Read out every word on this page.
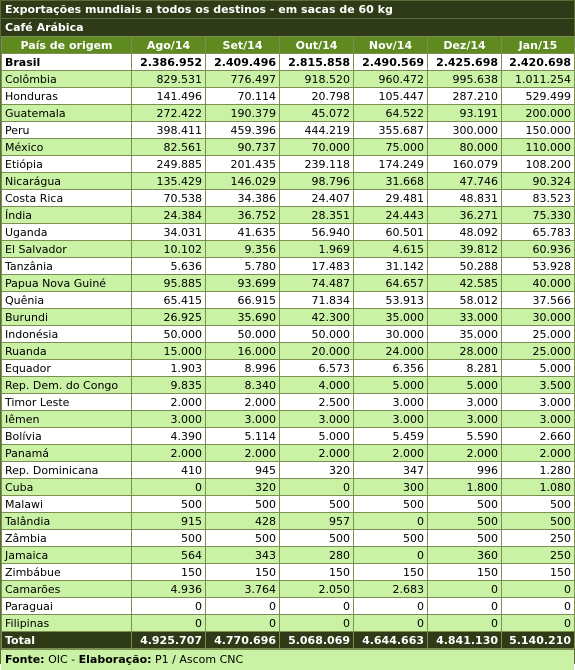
Exportações mundiais a todos os destinos - em sacas de 60 kg
Café Arábica
País de origem	Ago/14	Set/14	Out/14	Nov/14	Dez/14	Jan/15
Brasil	2.386.952	2.409.496	2.815.858	2.490.569	2.425.698	2.420.698
Colômbia	829.531	776.497	918.520	960.472	995.638	1.011.254
Honduras	141.496	70.114	20.798	105.447	287.210	529.499
Guatemala	272.422	190.379	45.072	64.522	93.191	200.000
Peru	398.411	459.396	444.219	355.687	300.000	150.000
México	82.561	90.737	70.000	75.000	80.000	110.000
Etiópia	249.885	201.435	239.118	174.249	160.079	108.200
Nicarágua	135.429	146.029	98.796	31.668	47.746	90.324
Costa Rica	70.538	34.386	24.407	29.481	48.831	83.523
Índia	24.384	36.752	28.351	24.443	36.271	75.330
Uganda	34.031	41.635	56.940	60.501	48.092	65.783
El Salvador	10.102	9.356	1.969	4.615	39.812	60.936
Tanzânia	5.636	5.780	17.483	31.142	50.288	53.928
Papua Nova Guiné	95.885	93.699	74.487	64.657	42.585	40.000
Quênia	65.415	66.915	71.834	53.913	58.012	37.566
Burundi	26.925	35.690	42.300	35.000	33.000	30.000
Indonésia	50.000	50.000	50.000	30.000	35.000	25.000
Ruanda	15.000	16.000	20.000	24.000	28.000	25.000
Equador	1.903	8.996	6.573	6.356	8.281	5.000
Rep. Dem. do Congo	9.835	8.340	4.000	5.000	5.000	3.500
Timor Leste	2.000	2.000	2.500	3.000	3.000	3.000
Iêmen	3.000	3.000	3.000	3.000	3.000	3.000
Bolívia	4.390	5.114	5.000	5.459	5.590	2.660
Panamá	2.000	2.000	2.000	2.000	2.000	2.000
Rep. Dominicana	410	945	320	347	996	1.280
Cuba	0	320	0	300	1.800	1.080
Malawi	500	500	500	500	500	500
Talândia	915	428	957	0	500	500
Zâmbia	500	500	500	500	500	250
Jamaica	564	343	280	0	360	250
Zimbábue	150	150	150	150	150	150
Camarões	4.936	3.764	2.050	2.683	0	0
Paraguai	0	0	0	0	0	0
Filipinas	0	0	0	0	0	0
Total	4.925.707	4.770.696	5.068.069	4.644.663	4.841.130	5.140.210
Fonte: OIC - Elaboração: P1 / Ascom CNC
